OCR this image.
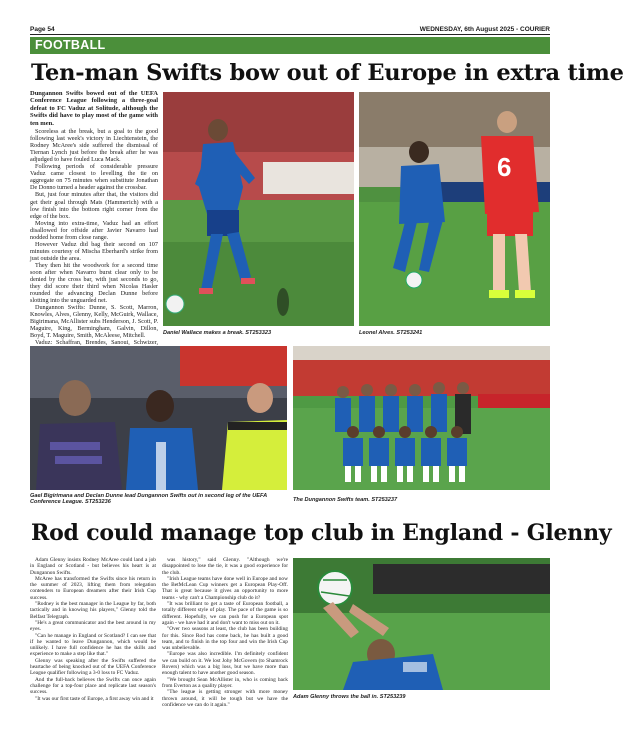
Page 54	WEDNESDAY, 6th August 2025 - COURIER
FOOTBALL
Ten-man Swifts bow out of Europe in extra time

Dungannon Swifts bowed out of the UEFA Conference League following a three-goal defeat to FC Vaduz at Solitude, although the Swifts did have to play most of the game with ten men.

Scoreless at the break, but a goal to the good following last week's victory in Liechtenstein, the Rodney McAree's side suffered the dismissal of Tiernan Lynch just before the break after he was adjudged to have fouled Luca Mack.

Following periods of considerable pressure Vaduz came closest to levelling the tie on aggregate on 75 minutes when substitute Jonathan De Donno turned a header against the crossbar.

But, just four minutes after that, the visitors did get their goal through Mats (Hammerich) with a low finish into the bottom right corner from the edge of the box.

Moving into extra-time, Vaduz had an effort disallowed for offside after Javier Navarro had nodded home from close range.

However Vaduz did bag their second on 107 minutes courtesy of Mischa Eberhard's strike from just outside the area.

They then hit the woodwork for a second time soon after when Navarro burst clear only to be denied by the cross bar, with just seconds to go, they did score their third when Nicolas Hasler rounded the advancing Declan Dunne before slotting into the unguarded net.

Dungannon Swifts: Dunne, S. Scott, Marron, Knowles, Alves, Glenny, Kelly, McGuirk, Wallace, Bigirimana, McAllister subs Henderson, J. Scott, P. Maguire, King, Bermingham, Galvin, Dillon, Boyd, T. Maguire, Smith, McAleese, Mitchell.

Vaduz: Schaffran, Brendes, Sanoui, Schwizer,

Daniel Wallace makes a break. ST253323
6
Leonel Alves. ST253241
Gael Bigirimana and Declan Dunne lead Dungannon Swifts out in second leg of the UEFA Conference League. ST253236	The Dungannon Swifts team. ST253237
Rod could manage top club in England - Glenny

Adam Glenny insists Rodney McAree could land a job in England or Scotland - but believes his heart is at Dungannon Swifts.

McAree has transformed the Swifts since his return in the summer of 2023, lifting them from relegation contenders to European dreamers after their Irish Cup success.

"Rodney is the best manager in the League by far, both tactically and in knowing his players," Glenny told the Belfast Telegraph.

"He's a great communicator and the best around in my eyes.

"Can he manage in England or Scotland? I can see that if he wanted to leave Dungannon, which would be unlikely. I have full confidence he has the skills and experience to make a step like that."

Glenny was speaking after the Swifts suffered the heartache of being knocked out of the UEFA Conference League qualifier following a 3-0 loss to FC Vaduz.

And the full-back believes the Swifts can once again challenge for a top-four place and replicate last season's success.

"It was our first taste of Europe, a first away win and it

was history," said Glenny. "Although we're disappointed to lose the tie, it was a good experience for the club.

"Irish League teams have done well in Europe and now the BetMcLean Cup winners get a European Play-Off. That is great because it gives an opportunity to more teams - why can't a Championship club do it?

"It was brilliant to get a taste of European football, a totally different style of play. The pace of the game is so different. Hopefully, we can push for a European spot again - we have had it and don't want to miss out on it.

"Over two seasons at least, the club has been building for this. Since Rod has come back, he has built a good team, and to finish in the top four and win the Irish Cup was unbelievable.

"Europe was also incredible. I'm definitely confident we can build on it. We lost Johy McGovern (to Shamrock Rovers) which was a big loss, but we have more than enough talent to have another good season.

"We brought Sean McAllister in, who is coming back from Everton as a quality player.

"The league is getting stronger with more money thrown around, it will be tough but we have the confidence we can do it again."

Adam Glenny throws the ball in. ST253239
